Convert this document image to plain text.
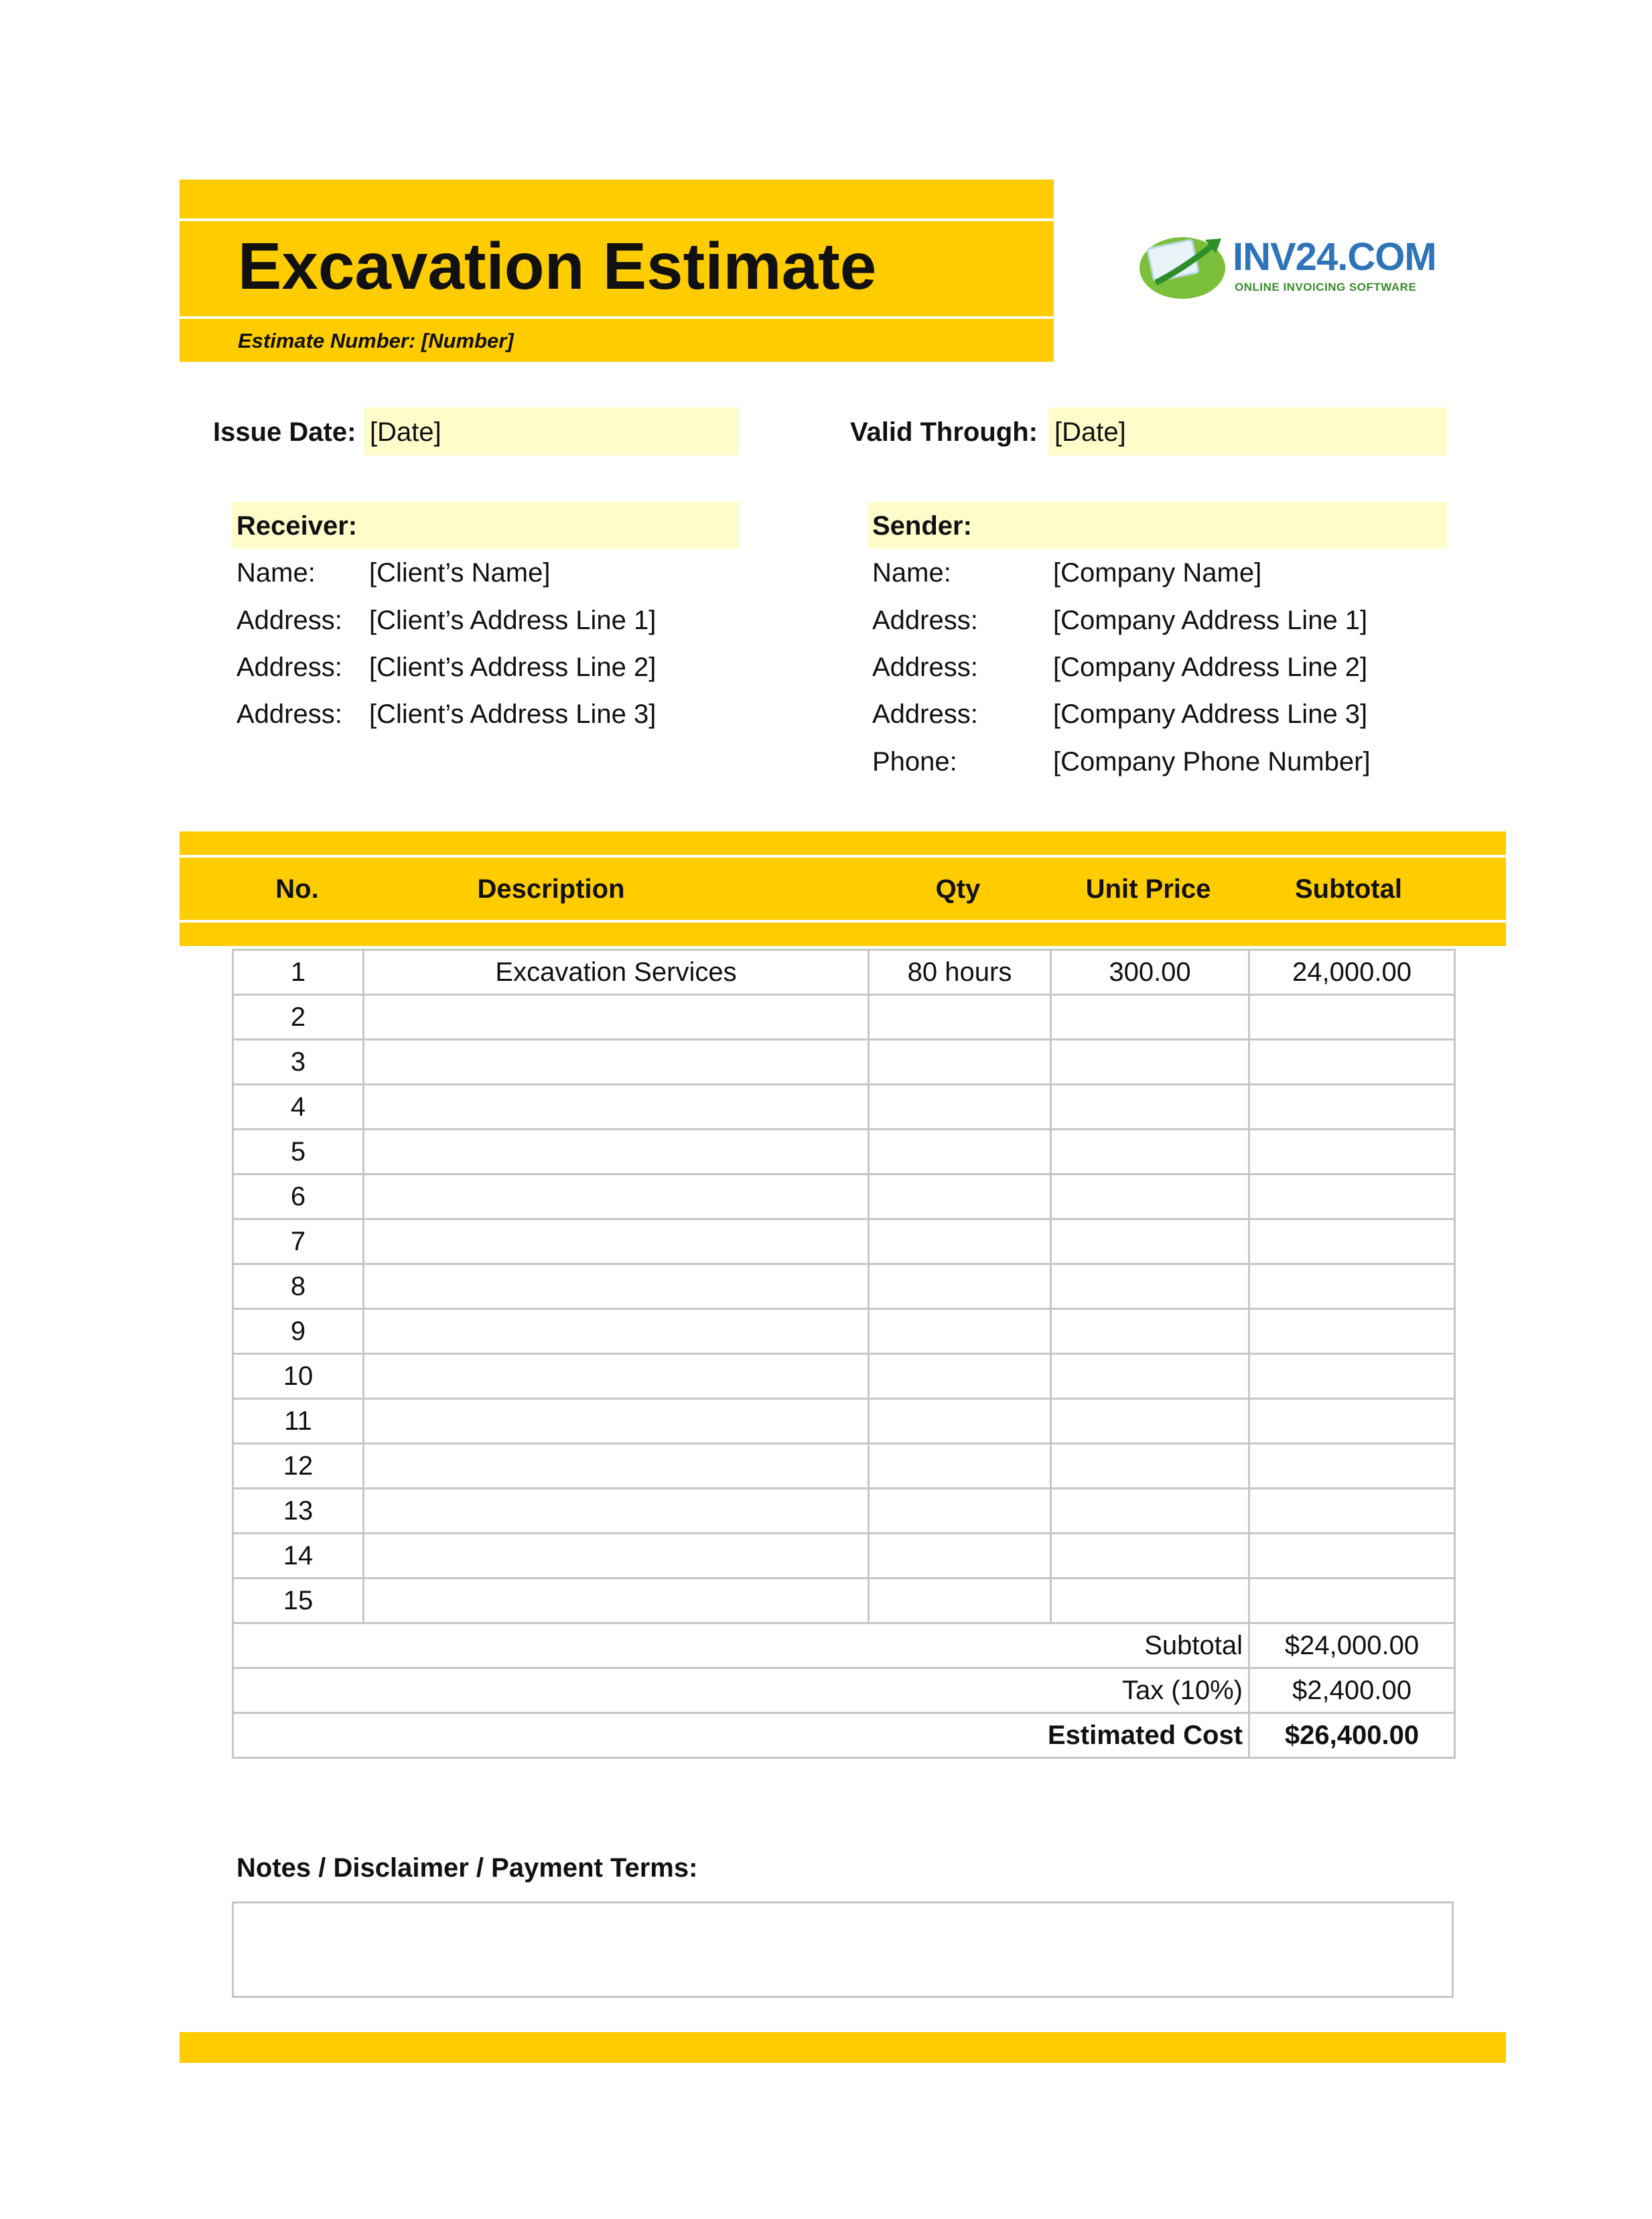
Excavation Estimate
Estimate Number: [Number]
INV24.COM
ONLINE INVOICING SOFTWARE
Issue Date: [Date]	Valid Through: [Date]
Receiver:
Name: [Client’s Name]
Address: [Client’s Address Line 1]
Address: [Client’s Address Line 2]
Address: [Client’s Address Line 3]
Sender:
Name:	[Company Name]
Address:	[Company Address Line 1]
Address:	[Company Address Line 2]
Address:	[Company Address Line 3]
Phone:	[Company Phone Number]
No.	Description	Qty	Unit Price	Subtotal
1	Excavation Services	80 hours	300.00	24,000.00
2				
3				
4				
5				
6				
7				
8				
9				
10				
11				
12				
13				
14				
15				
Subtotal				$24,000.00
Tax (10%)				$2,400.00
Estimated Cost				$26,400.00
Notes / Disclaimer / Payment Terms:
